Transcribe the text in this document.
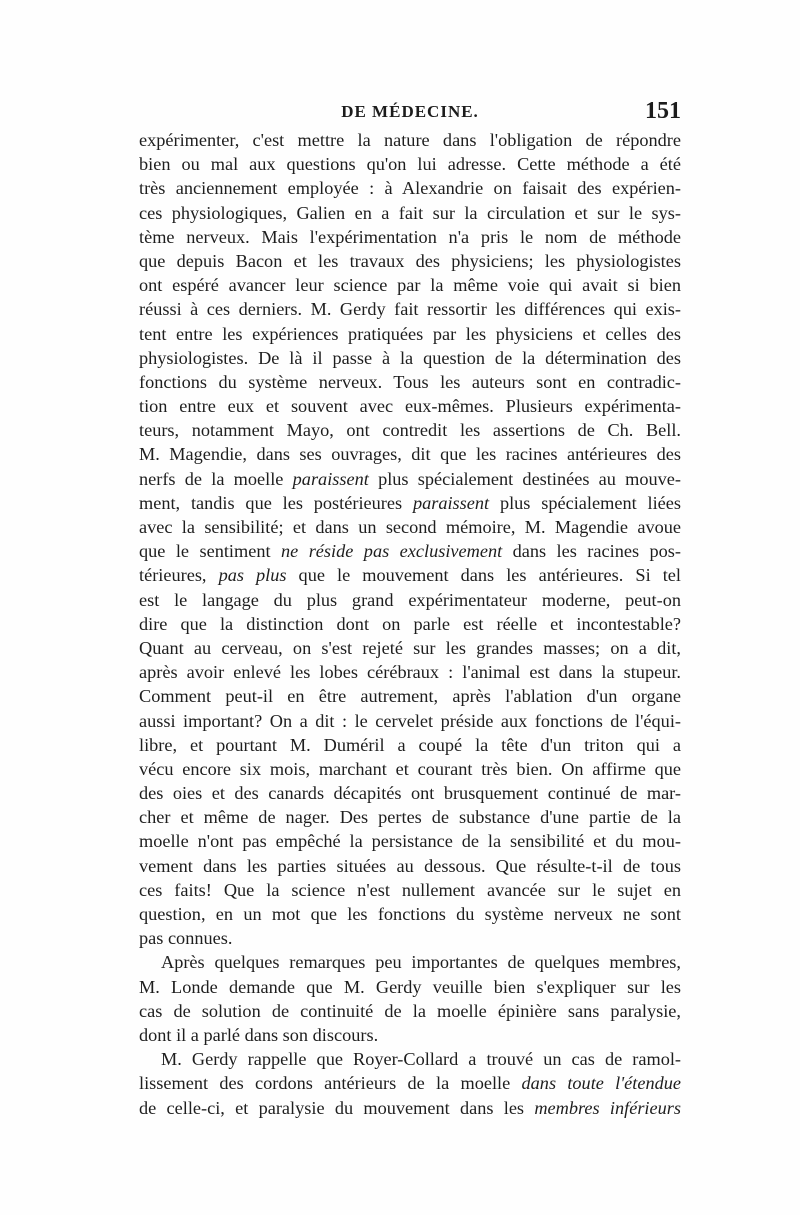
DE MÉDECINE.	151
expérimenter, c'est mettre la nature dans l'obligation de répondre
bien ou mal aux questions qu'on lui adresse. Cette méthode a été
très anciennement employée : à Alexandrie on faisait des expérien-
ces physiologiques, Galien en a fait sur la circulation et sur le sys-
tème nerveux. Mais l'expérimentation n'a pris le nom de méthode
que depuis Bacon et les travaux des physiciens; les physiologistes
ont espéré avancer leur science par la même voie qui avait si bien
réussi à ces derniers. M. Gerdy fait ressortir les différences qui exis-
tent entre les expériences pratiquées par les physiciens et celles des
physiologistes. De là il passe à la question de la détermination des
fonctions du système nerveux. Tous les auteurs sont en contradic-
tion entre eux et souvent avec eux-mêmes. Plusieurs expérimenta-
teurs, notamment Mayo, ont contredit les assertions de Ch. Bell.
M. Magendie, dans ses ouvrages, dit que les racines antérieures des
nerfs de la moelle paraissent plus spécialement destinées au mouve-
ment, tandis que les postérieures paraissent plus spécialement liées
avec la sensibilité; et dans un second mémoire, M. Magendie avoue
que le sentiment ne réside pas exclusivement dans les racines pos-
térieures, pas plus que le mouvement dans les antérieures. Si tel
est le langage du plus grand expérimentateur moderne, peut-on
dire que la distinction dont on parle est réelle et incontestable?
Quant au cerveau, on s'est rejeté sur les grandes masses; on a dit,
après avoir enlevé les lobes cérébraux : l'animal est dans la stupeur.
Comment peut-il en être autrement, après l'ablation d'un organe
aussi important? On a dit : le cervelet préside aux fonctions de l'équi-
libre, et pourtant M. Duméril a coupé la tête d'un triton qui a
vécu encore six mois, marchant et courant très bien. On affirme que
des oies et des canards décapités ont brusquement continué de mar-
cher et même de nager. Des pertes de substance d'une partie de la
moelle n'ont pas empêché la persistance de la sensibilité et du mou-
vement dans les parties situées au dessous. Que résulte-t-il de tous
ces faits! Que la science n'est nullement avancée sur le sujet en
question, en un mot que les fonctions du système nerveux ne sont
pas connues.
Après quelques remarques peu importantes de quelques membres,
M. Londe demande que M. Gerdy veuille bien s'expliquer sur les
cas de solution de continuité de la moelle épinière sans paralysie,
dont il a parlé dans son discours.
M. Gerdy rappelle que Royer-Collard a trouvé un cas de ramol-
lissement des cordons antérieurs de la moelle dans toute l'étendue
de celle-ci, et paralysie du mouvement dans les membres inférieurs
